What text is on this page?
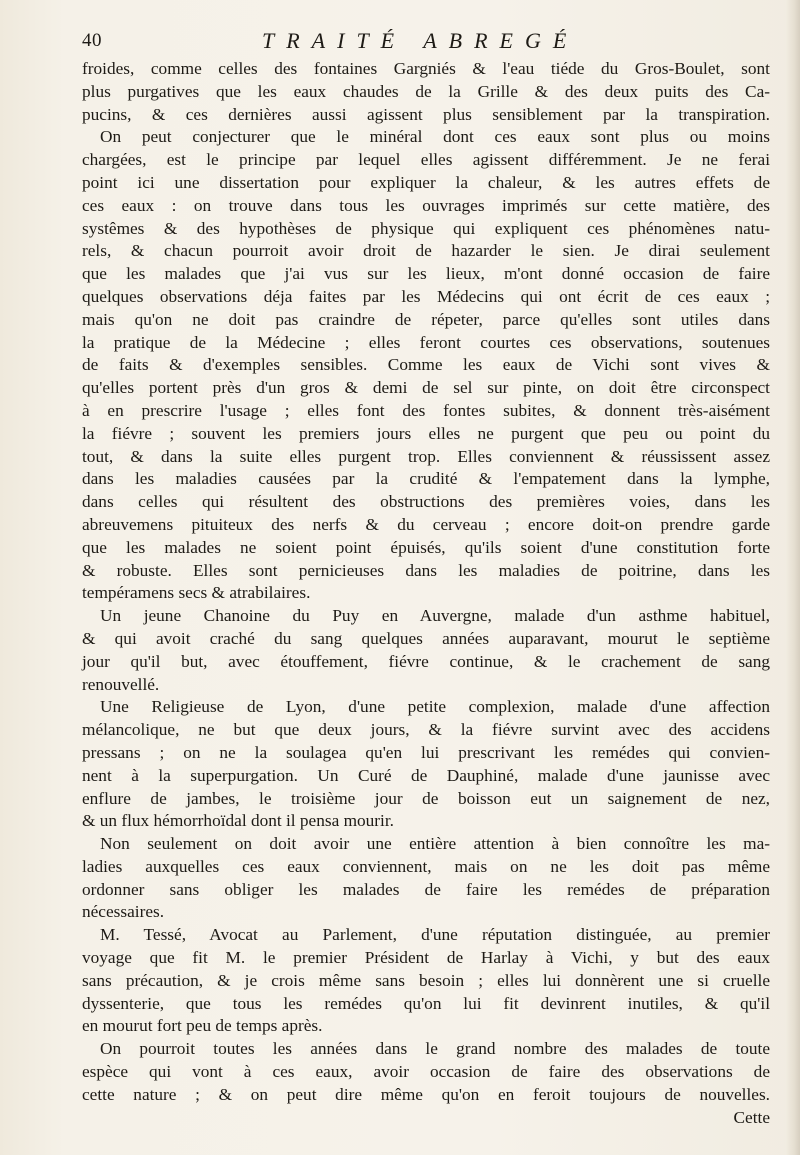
40	TRAITÉ ABREGÉ
froides, comme celles des fontaines Gargniés & l'eau tiéde du Gros-Boulet, sont
plus purgatives que les eaux chaudes de la Grille & des deux puits des Ca-
pucins, & ces dernières aussi agissent plus sensiblement par la transpiration.
On peut conjecturer que le minéral dont ces eaux sont plus ou moins
chargées, est le principe par lequel elles agissent différemment. Je ne ferai
point ici une dissertation pour expliquer la chaleur, & les autres effets de
ces eaux : on trouve dans tous les ouvrages imprimés sur cette matière, des
systêmes & des hypothèses de physique qui expliquent ces phénomènes natu-
rels, & chacun pourroit avoir droit de hazarder le sien. Je dirai seulement
que les malades que j'ai vus sur les lieux, m'ont donné occasion de faire
quelques observations déja faites par les Médecins qui ont écrit de ces eaux ;
mais qu'on ne doit pas craindre de répeter, parce qu'elles sont utiles dans
la pratique de la Médecine ; elles feront courtes ces observations, soutenues
de faits & d'exemples sensibles. Comme les eaux de Vichi sont vives &
qu'elles portent près d'un gros & demi de sel sur pinte, on doit être circonspect
à en prescrire l'usage ; elles font des fontes subites, & donnent très-aisément
la fiévre ; souvent les premiers jours elles ne purgent que peu ou point du
tout, & dans la suite elles purgent trop. Elles conviennent & réussissent assez
dans les maladies causées par la crudité & l'empatement dans la lymphe,
dans celles qui résultent des obstructions des premières voies, dans les
abreuvemens pituiteux des nerfs & du cerveau ; encore doit-on prendre garde
que les malades ne soient point épuisés, qu'ils soient d'une constitution forte
& robuste. Elles sont pernicieuses dans les maladies de poitrine, dans les
tempéramens secs & atrabilaires.
Un jeune Chanoine du Puy en Auvergne, malade d'un asthme habituel,
& qui avoit craché du sang quelques années auparavant, mourut le septième
jour qu'il but, avec étouffement, fiévre continue, & le crachement de sang
renouvellé.
Une Religieuse de Lyon, d'une petite complexion, malade d'une affection
mélancolique, ne but que deux jours, & la fiévre survint avec des accidens
pressans ; on ne la soulagea qu'en lui prescrivant les remédes qui convien-
nent à la superpurgation. Un Curé de Dauphiné, malade d'une jaunisse avec
enflure de jambes, le troisième jour de boisson eut un saignement de nez,
& un flux hémorrhoïdal dont il pensa mourir.
Non seulement on doit avoir une entière attention à bien connoître les ma-
ladies auxquelles ces eaux conviennent, mais on ne les doit pas même
ordonner sans obliger les malades de faire les remédes de préparation
nécessaires.
M. Tessé, Avocat au Parlement, d'une réputation distinguée, au premier
voyage que fit M. le premier Président de Harlay à Vichi, y but des eaux
sans précaution, & je crois même sans besoin ; elles lui donnèrent une si cruelle
dyssenterie, que tous les remédes qu'on lui fit devinrent inutiles, & qu'il
en mourut fort peu de temps après.
On pourroit toutes les années dans le grand nombre des malades de toute
espèce qui vont à ces eaux, avoir occasion de faire des observations de
cette nature ; & on peut dire même qu'on en feroit toujours de nouvelles.
Cette
